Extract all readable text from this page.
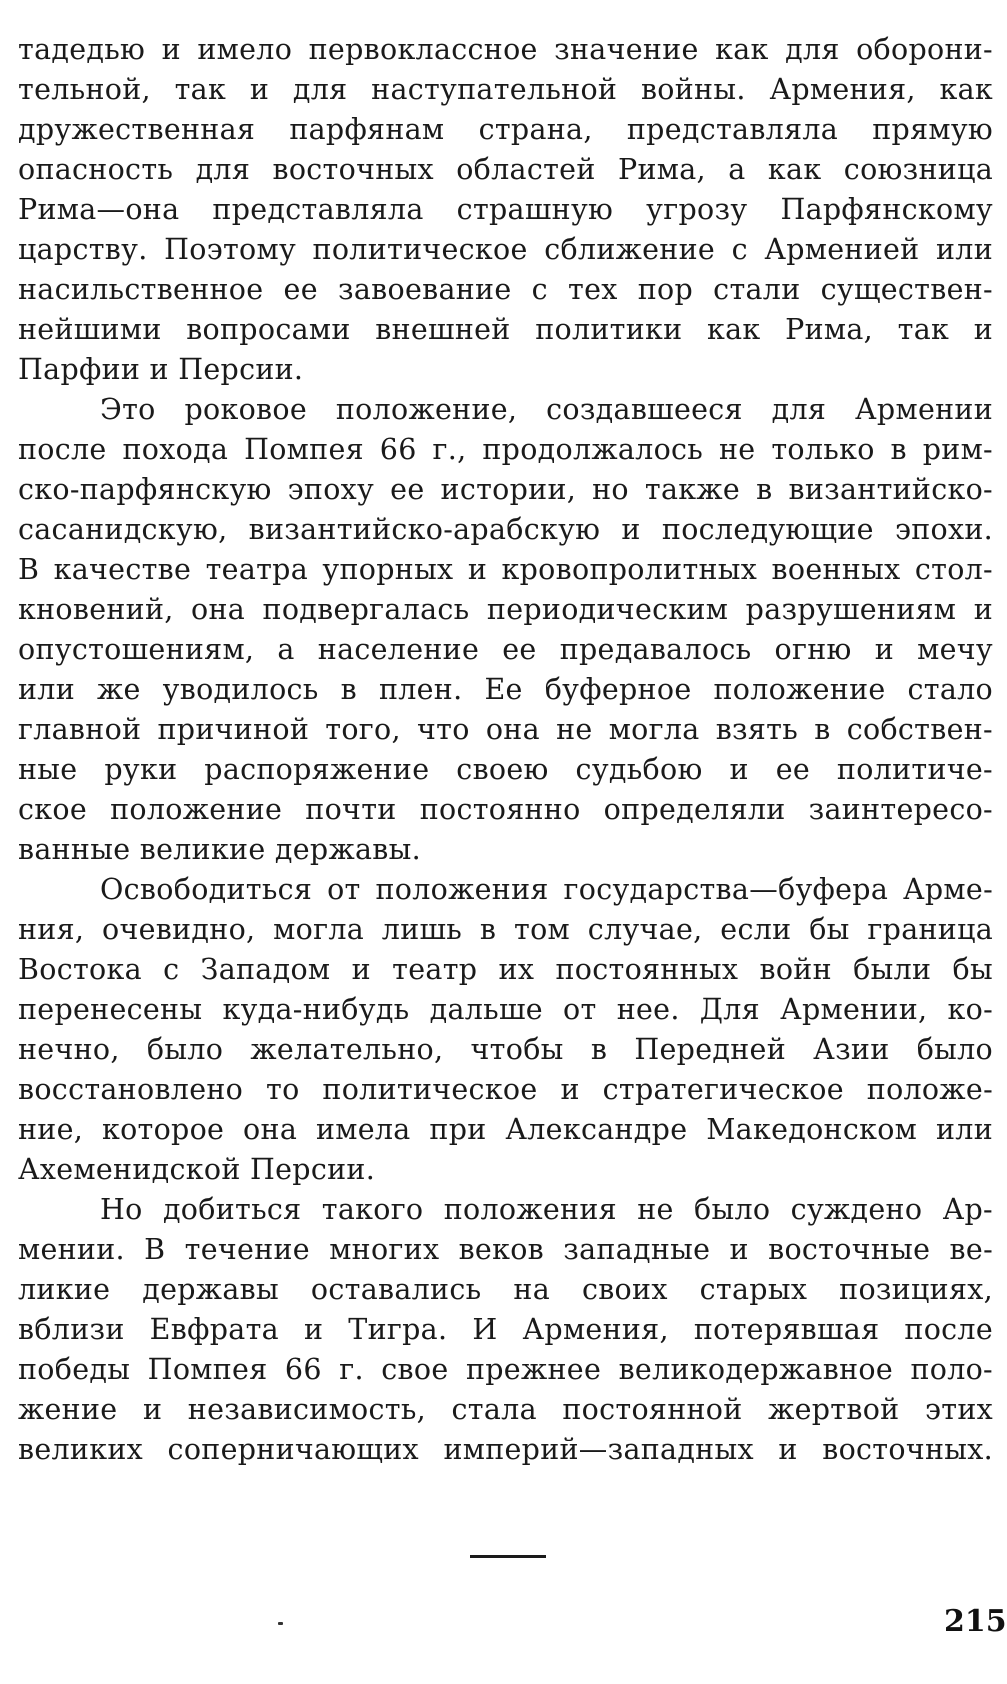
тадедью и имело первоклассное значение как для оборони-
тельной, так и для наступательной войны. Армения, как
дружественная парфянам страна, представляла прямую
опасность для восточных областей Рима, а как союзница
Рима—она представляла страшную угрозу Парфянскому
царству. Поэтому политическое сближение с Арменией или
насильственное ее завоевание с тех пор стали существен-
нейшими вопросами внешней политики как Рима, так и
Парфии и Персии.
Это роковое положение, создавшееся для Армении
после похода Помпея 66 г., продолжалось не только в рим-
ско-парфянскую эпоху ее истории, но также в византийско-
сасанидскую, византийско-арабскую и последующие эпохи.
В качестве театра упорных и кровопролитных военных стол-
кновений, она подвергалась периодическим разрушениям и
опустошениям, а население ее предавалось огню и мечу
или же уводилось в плен. Ее буферное положение стало
главной причиной того, что она не могла взять в собствен-
ные руки распоряжение своею судьбою и ее политиче-
ское положение почти постоянно определяли заинтересо-
ванные великие державы.
Освободиться от положения государства—буфера Арме-
ния, очевидно, могла лишь в том случае, если бы граница
Востока с Западом и театр их постоянных войн были бы
перенесены куда-нибудь дальше от нее. Для Армении, ко-
нечно, было желательно, чтобы в Передней Азии было
восстановлено то политическое и стратегическое положе-
ние, которое она имела при Александре Македонском или
Ахеменидской Персии.
Но добиться такого положения не было суждено Ар-
мении. В течение многих веков западные и восточные ве-
ликие державы оставались на своих старых позициях,
вблизи Евфрата и Тигра. И Армения, потерявшая после
победы Помпея 66 г. свое прежнее великодержавное поло-
жение и независимость, стала постоянной жертвой этих
великих соперничающих империй—западных и восточных.
215
